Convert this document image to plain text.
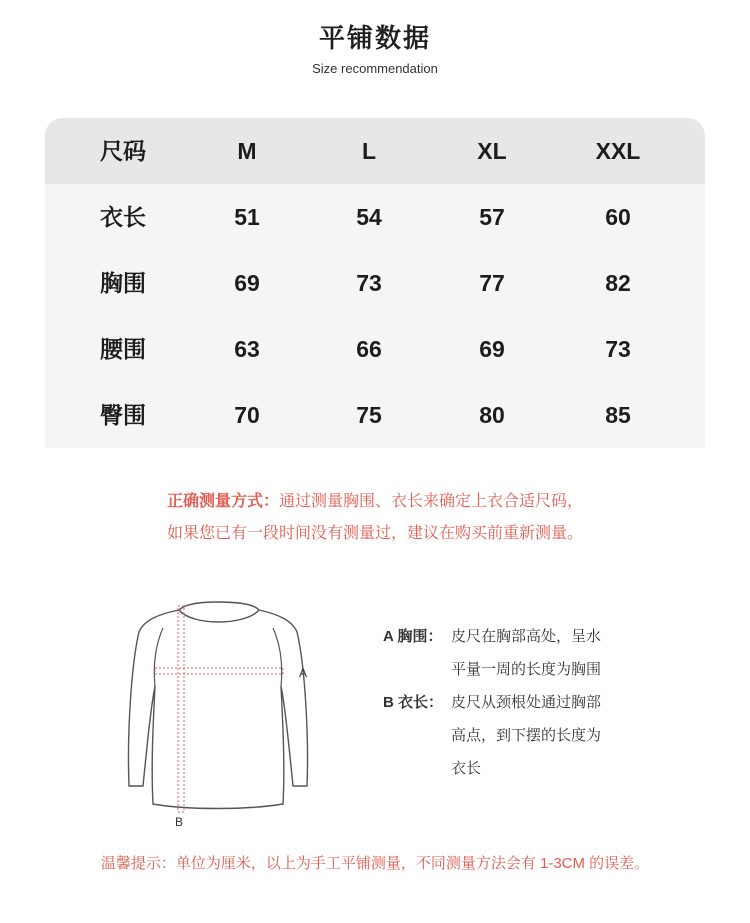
平铺数据
Size recommendation
尺码	M	L	XL	XXL
衣长	51	54	57	60
胸围	69	73	77	82
腰围	63	66	69	73
臀围	70	75	80	85
正确测量方式：通过测量胸围、衣长来确定上衣合适尺码，
如果您已有一段时间没有测量过，建议在购买前重新测量。
A
B
A 胸围： 皮尺在胸部高处，呈水
平量一周的长度为胸围
B 衣长： 皮尺从颈根处通过胸部
高点，到下摆的长度为
衣长
温馨提示：单位为厘米，以上为手工平铺测量，不同测量方法会有 1-3CM 的误差。
